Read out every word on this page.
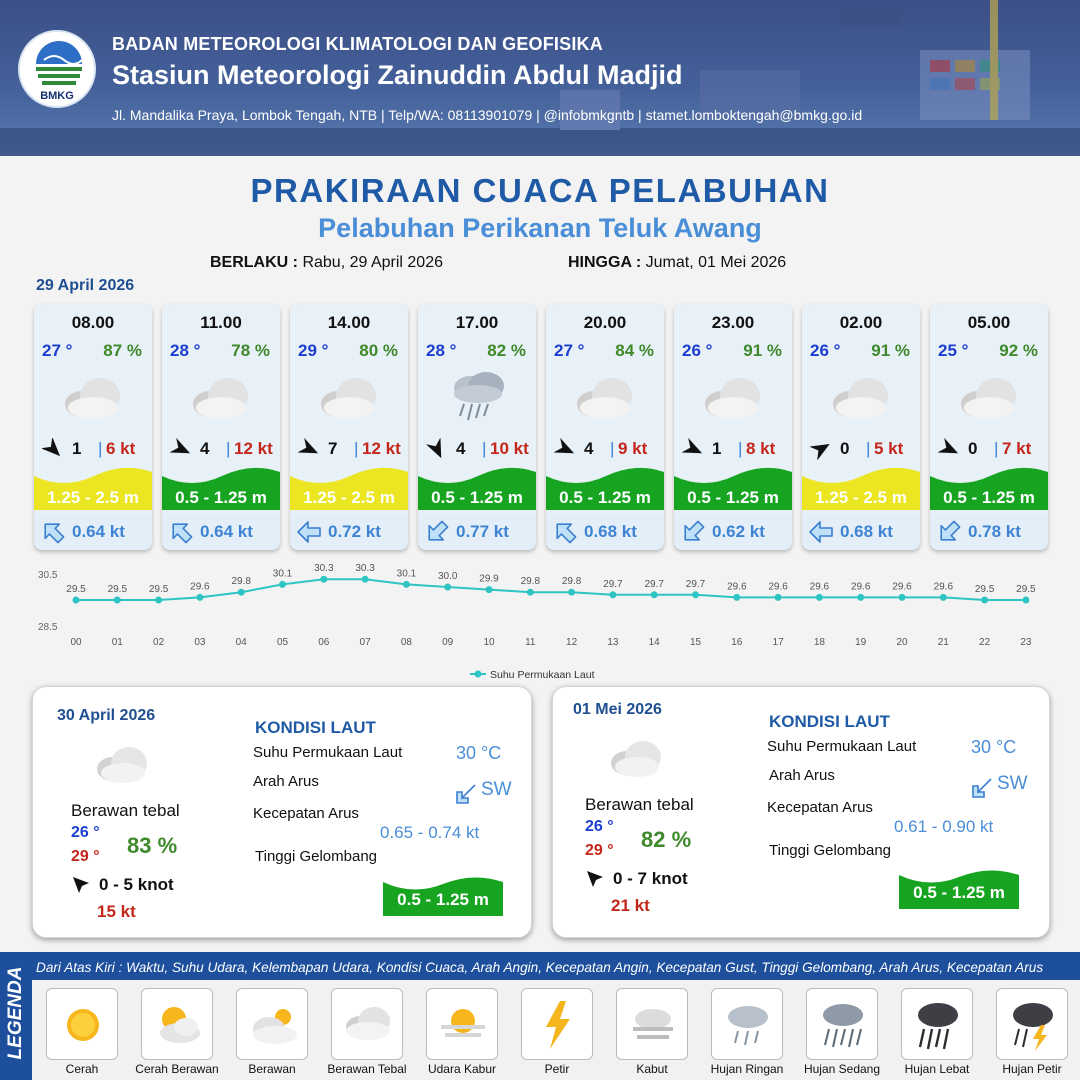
BMKG
BADAN METEOROLOGI KLIMATOLOGI DAN GEOFISIKA
Stasiun Meteorologi Zainuddin Abdul Madjid
Jl. Mandalika Praya, Lombok Tengah, NTB | Telp/WA: 08113901079 | @infobmkgntb | stamet.lomboktengah@bmkg.go.id
PRAKIRAAN CUACA PELABUHAN
Pelabuhan Perikanan Teluk Awang
BERLAKU : Rabu, 29 April 2026	HINGGA : Jumat, 01 Mei 2026
29 April 2026
08.00
27 ° 87 %
1 | 6 kt
1.25 - 2.5 m
0.64 kt
11.00
28 ° 78 %
4 | 12 kt
0.5 - 1.25 m
0.64 kt
14.00
29 ° 80 %
7 | 12 kt
1.25 - 2.5 m
0.72 kt
17.00
28 ° 82 %
4 | 10 kt
0.5 - 1.25 m
0.77 kt
20.00
27 ° 84 %
4 | 9 kt
0.5 - 1.25 m
0.68 kt
23.00
26 ° 91 %
1 | 8 kt
0.5 - 1.25 m
0.62 kt
02.00
26 ° 91 %
0 | 5 kt
1.25 - 2.5 m
0.68 kt
05.00
25 ° 92 %
0 | 7 kt
0.5 - 1.25 m
0.78 kt
30.5
28.5
29.5
00
29.5
01
29.5
02
29.6
03
29.8
04
30.1
05
30.3
06
30.3
07
30.1
08
30.0
09
29.9
10
29.8
11
29.8
12
29.7
13
29.7
14
29.7
15
29.6
16
29.6
17
29.6
18
29.6
19
29.6
20
29.6
21
29.5
22
29.5
23
Suhu Permukaan Laut
30 April 2026
Berawan tebal
26 °
29 ° 83 %
0 - 5 knot
15 kt
KONDISI LAUT
Suhu Permukaan Laut	30 °C
Arah Arus	SW
Kecepatan Arus
0.65 - 0.74 kt
Tinggi Gelombang
0.5 - 1.25 m
01 Mei 2026
Berawan tebal
26 °
29 ° 82 %
0 - 7 knot
21 kt
KONDISI LAUT
Suhu Permukaan Laut	30 °C
Arah Arus	SW
Kecepatan Arus
0.61 - 0.90 kt
Tinggi Gelombang
0.5 - 1.25 m
LEGENDA Dari Atas Kiri : Waktu, Suhu Udara, Kelembapan Udara, Kondisi Cuaca, Arah Angin, Kecepatan Angin, Kecepatan Gust, Tinggi Gelombang, Arah Arus, Kecepatan Arus
Cerah	Cerah Berawan	Berawan	Berawan Tebal	Udara Kabur	Petir	Kabut	Hujan Ringan	Hujan Sedang	Hujan Lebat	Hujan Petir
